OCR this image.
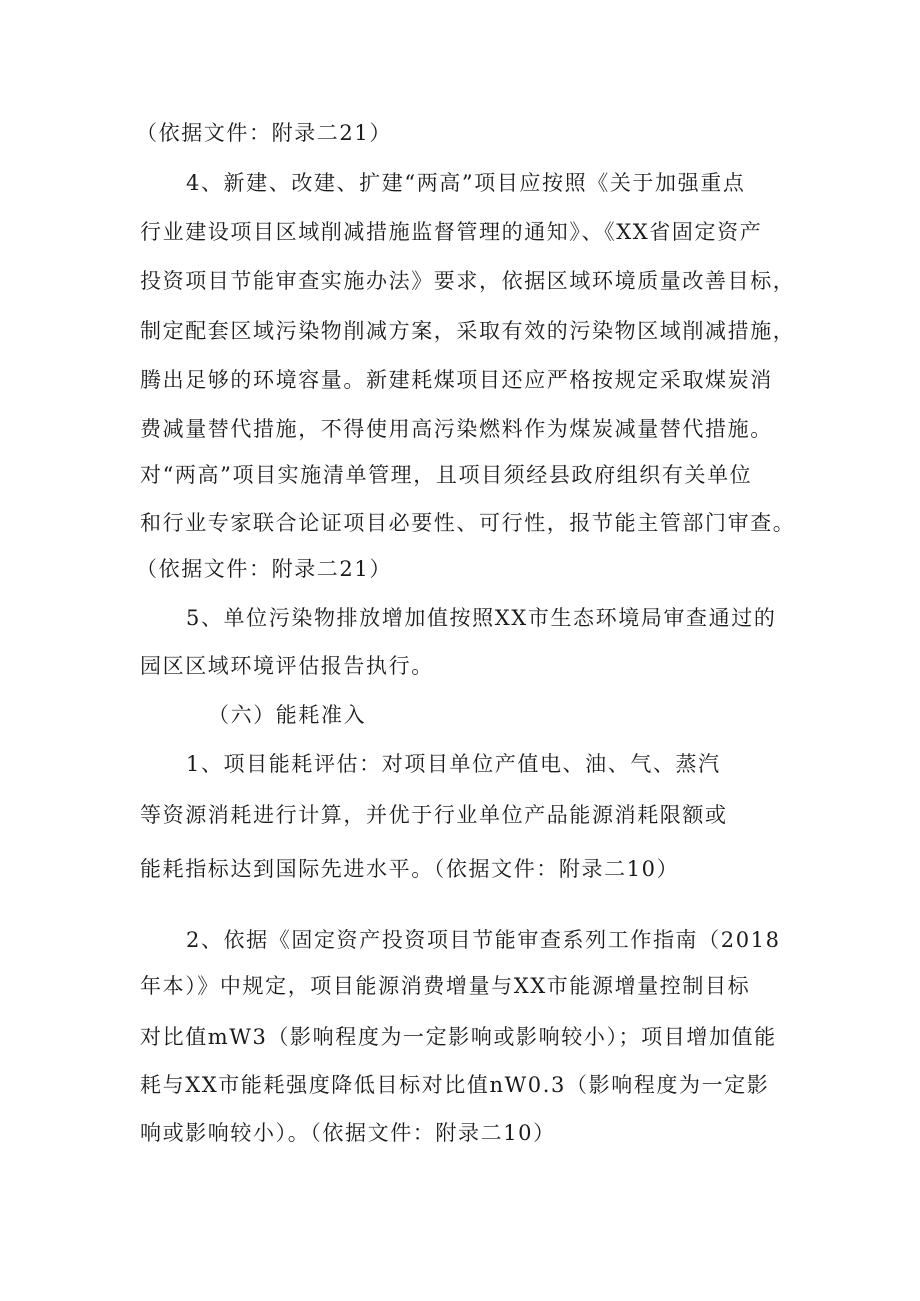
（依据文件：附录二21）
4、新建、改建、扩建“两高”项目应按照《关于加强重点
行业建设项目区域削减措施监督管理的通知》、《XX省固定资产
投资项目节能审查实施办法》要求，依据区域环境质量改善目标，
制定配套区域污染物削减方案，采取有效的污染物区域削减措施，
腾出足够的环境容量。新建耗煤项目还应严格按规定采取煤炭消
费减量替代措施，不得使用高污染燃料作为煤炭减量替代措施。
对“两高”项目实施清单管理，且项目须经县政府组织有关单位
和行业专家联合论证项目必要性、可行性，报节能主管部门审查。
（依据文件：附录二21）
5、单位污染物排放增加值按照XX市生态环境局审查通过的
园区区域环境评估报告执行。
（六）能耗准入
1、项目能耗评估：对项目单位产值电、油、气、蒸汽
等资源消耗进行计算，并优于行业单位产品能源消耗限额或
能耗指标达到国际先进水平。（依据文件：附录二10）
2、依据《固定资产投资项目节能审查系列工作指南（2018
年本）》中规定，项目能源消费增量与XX市能源增量控制目标
对比值mW3（影响程度为一定影响或影响较小）；项目增加值能
耗与XX市能耗强度降低目标对比值nW0.3（影响程度为一定影
响或影响较小）。（依据文件：附录二10）
